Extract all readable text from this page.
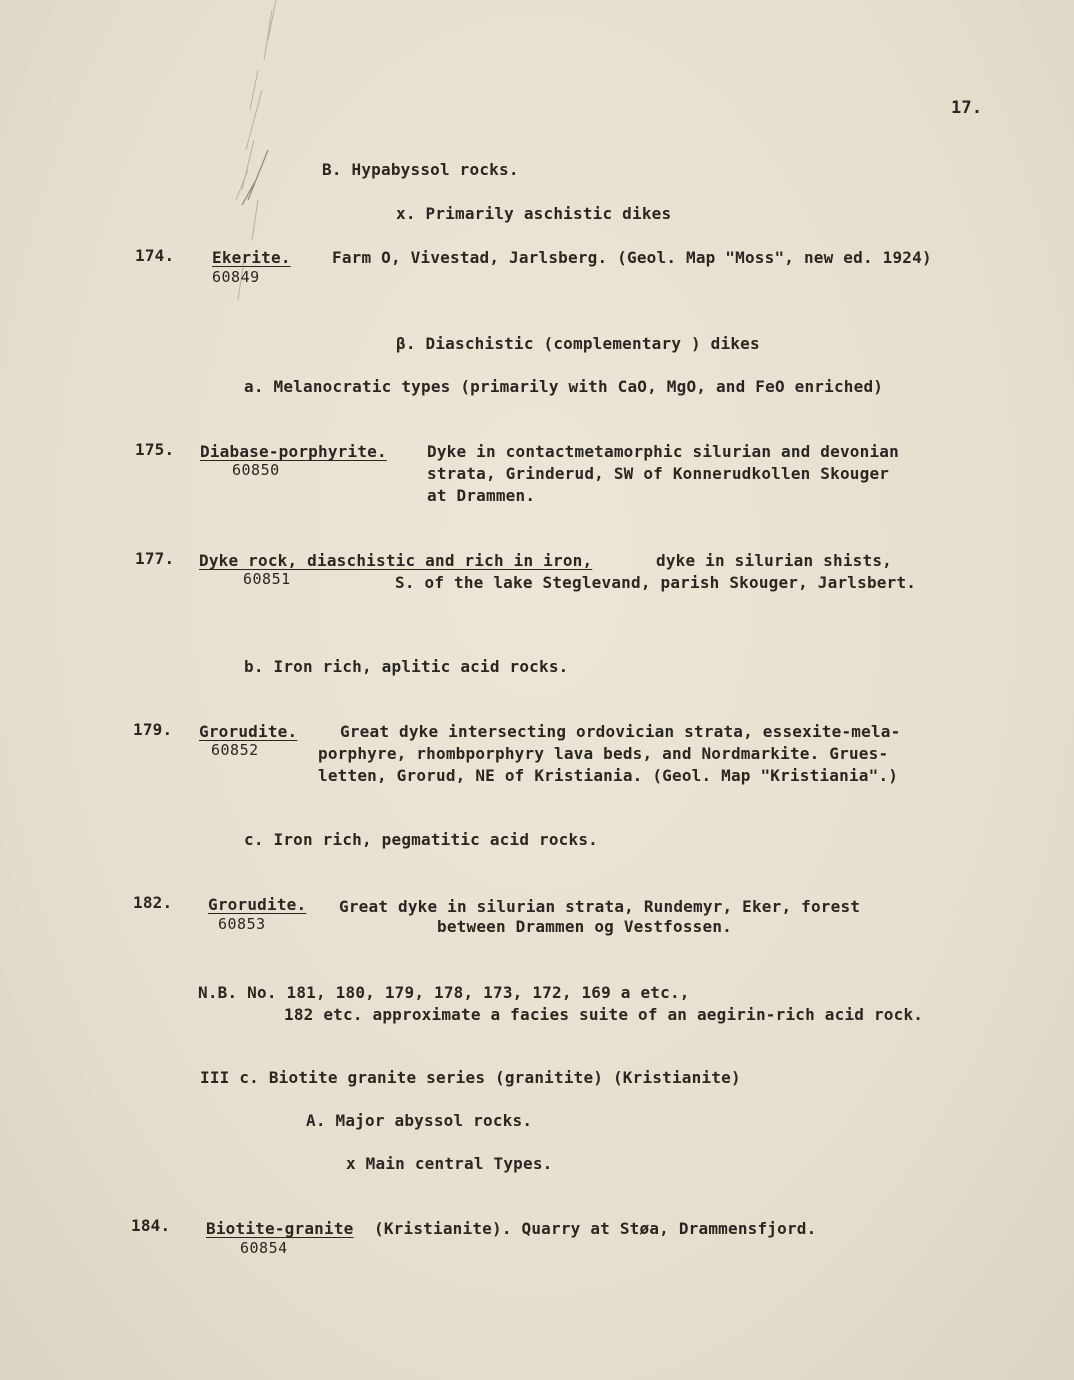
17.
B. Hypabyssol rocks.
x. Primarily aschistic dikes
174. Ekerite.	Farm O, Vivestad, Jarlsberg. (Geol. Map "Moss", new ed. 1924)
60849
β. Diaschistic (complementary ) dikes
a. Melanocratic types (primarily with CaO, MgO, and FeO enriched)
175. Diabase-porphyrite.	Dyke in contactmetamorphic silurian and devonian
strata, Grinderud, SW of Konnerudkollen Skouger
at Drammen.
60850
177. Dyke rock, diaschistic and rich in iron,	dyke in silurian shists,
S. of the lake Steglevand, parish Skouger, Jarlsbert.
60851
b. Iron rich, aplitic acid rocks.
179. Grorudite.	Great dyke intersecting ordovician strata, essexite-mela-
porphyre, rhombporphyry lava beds, and Nordmarkite. Grues-
letten, Grorud, NE of Kristiania. (Geol. Map "Kristiania".)
60852
c. Iron rich, pegmatitic acid rocks.
182. Grorudite. Great dyke in silurian strata, Rundemyr, Eker, forest
between Drammen og Vestfossen.
60853
N.B. No. 181, 180, 179, 178, 173, 172, 169 a etc.,
182 etc. approximate a facies suite of an aegirin-rich acid rock.
III c. Biotite granite series (granitite) (Kristianite)
A. Major abyssol rocks.
x Main central Types.
184. Biotite-granite (Kristianite). Quarry at Støa, Drammensfjord.
60854
